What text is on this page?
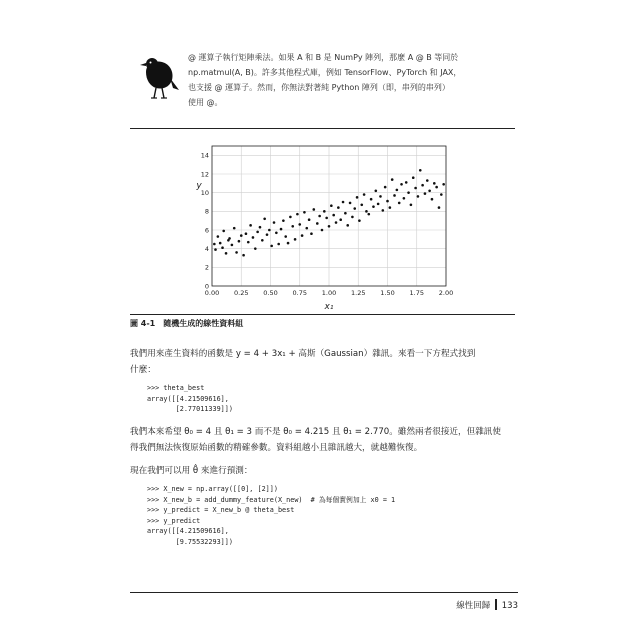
@ 運算子執行矩陣乘法。如果 A 和 B 是 NumPy 陣列，那麼 A @ B 等同於
np.matmul(A, B)。許多其他程式庫，例如 TensorFlow、PyTorch 和 JAX，
也支援 @ 運算子。然而，你無法對著純 Python 陣列（即，串列的串列）
使用 @。
0.00 0.25 0.50 0.75 1.00 1.25 1.50 1.75 2.00
0
2
4
6
8
10
12
14
y
x₁
圖 4-1 隨機生成的線性資料組
我們用來產生資料的函數是 y = 4 + 3x₁ + 高斯（Gaussian）雜訊。來看一下方程式找到
什麼：
>>> theta_best
array([[4.21509616],
[2.77011339]])
我們本來希望 θ₀ = 4 且 θ₁ = 3 而不是 θ₀ = 4.215 且 θ₁ = 2.770。雖然兩者很接近，但雜訊使
得我們無法恢復原始函數的精確參數。資料組越小且雜訊越大，就越難恢復。
現在我們可以用 θ̂ 來進行預測：
>>> X_new = np.array([[0], [2]])
>>> X_new_b = add_dummy_feature(X_new)  # 為每個實例加上 x0 = 1
>>> y_predict = X_new_b @ theta_best
>>> y_predict
array([[4.21509616],
[9.75532293]])
線性回歸 133
